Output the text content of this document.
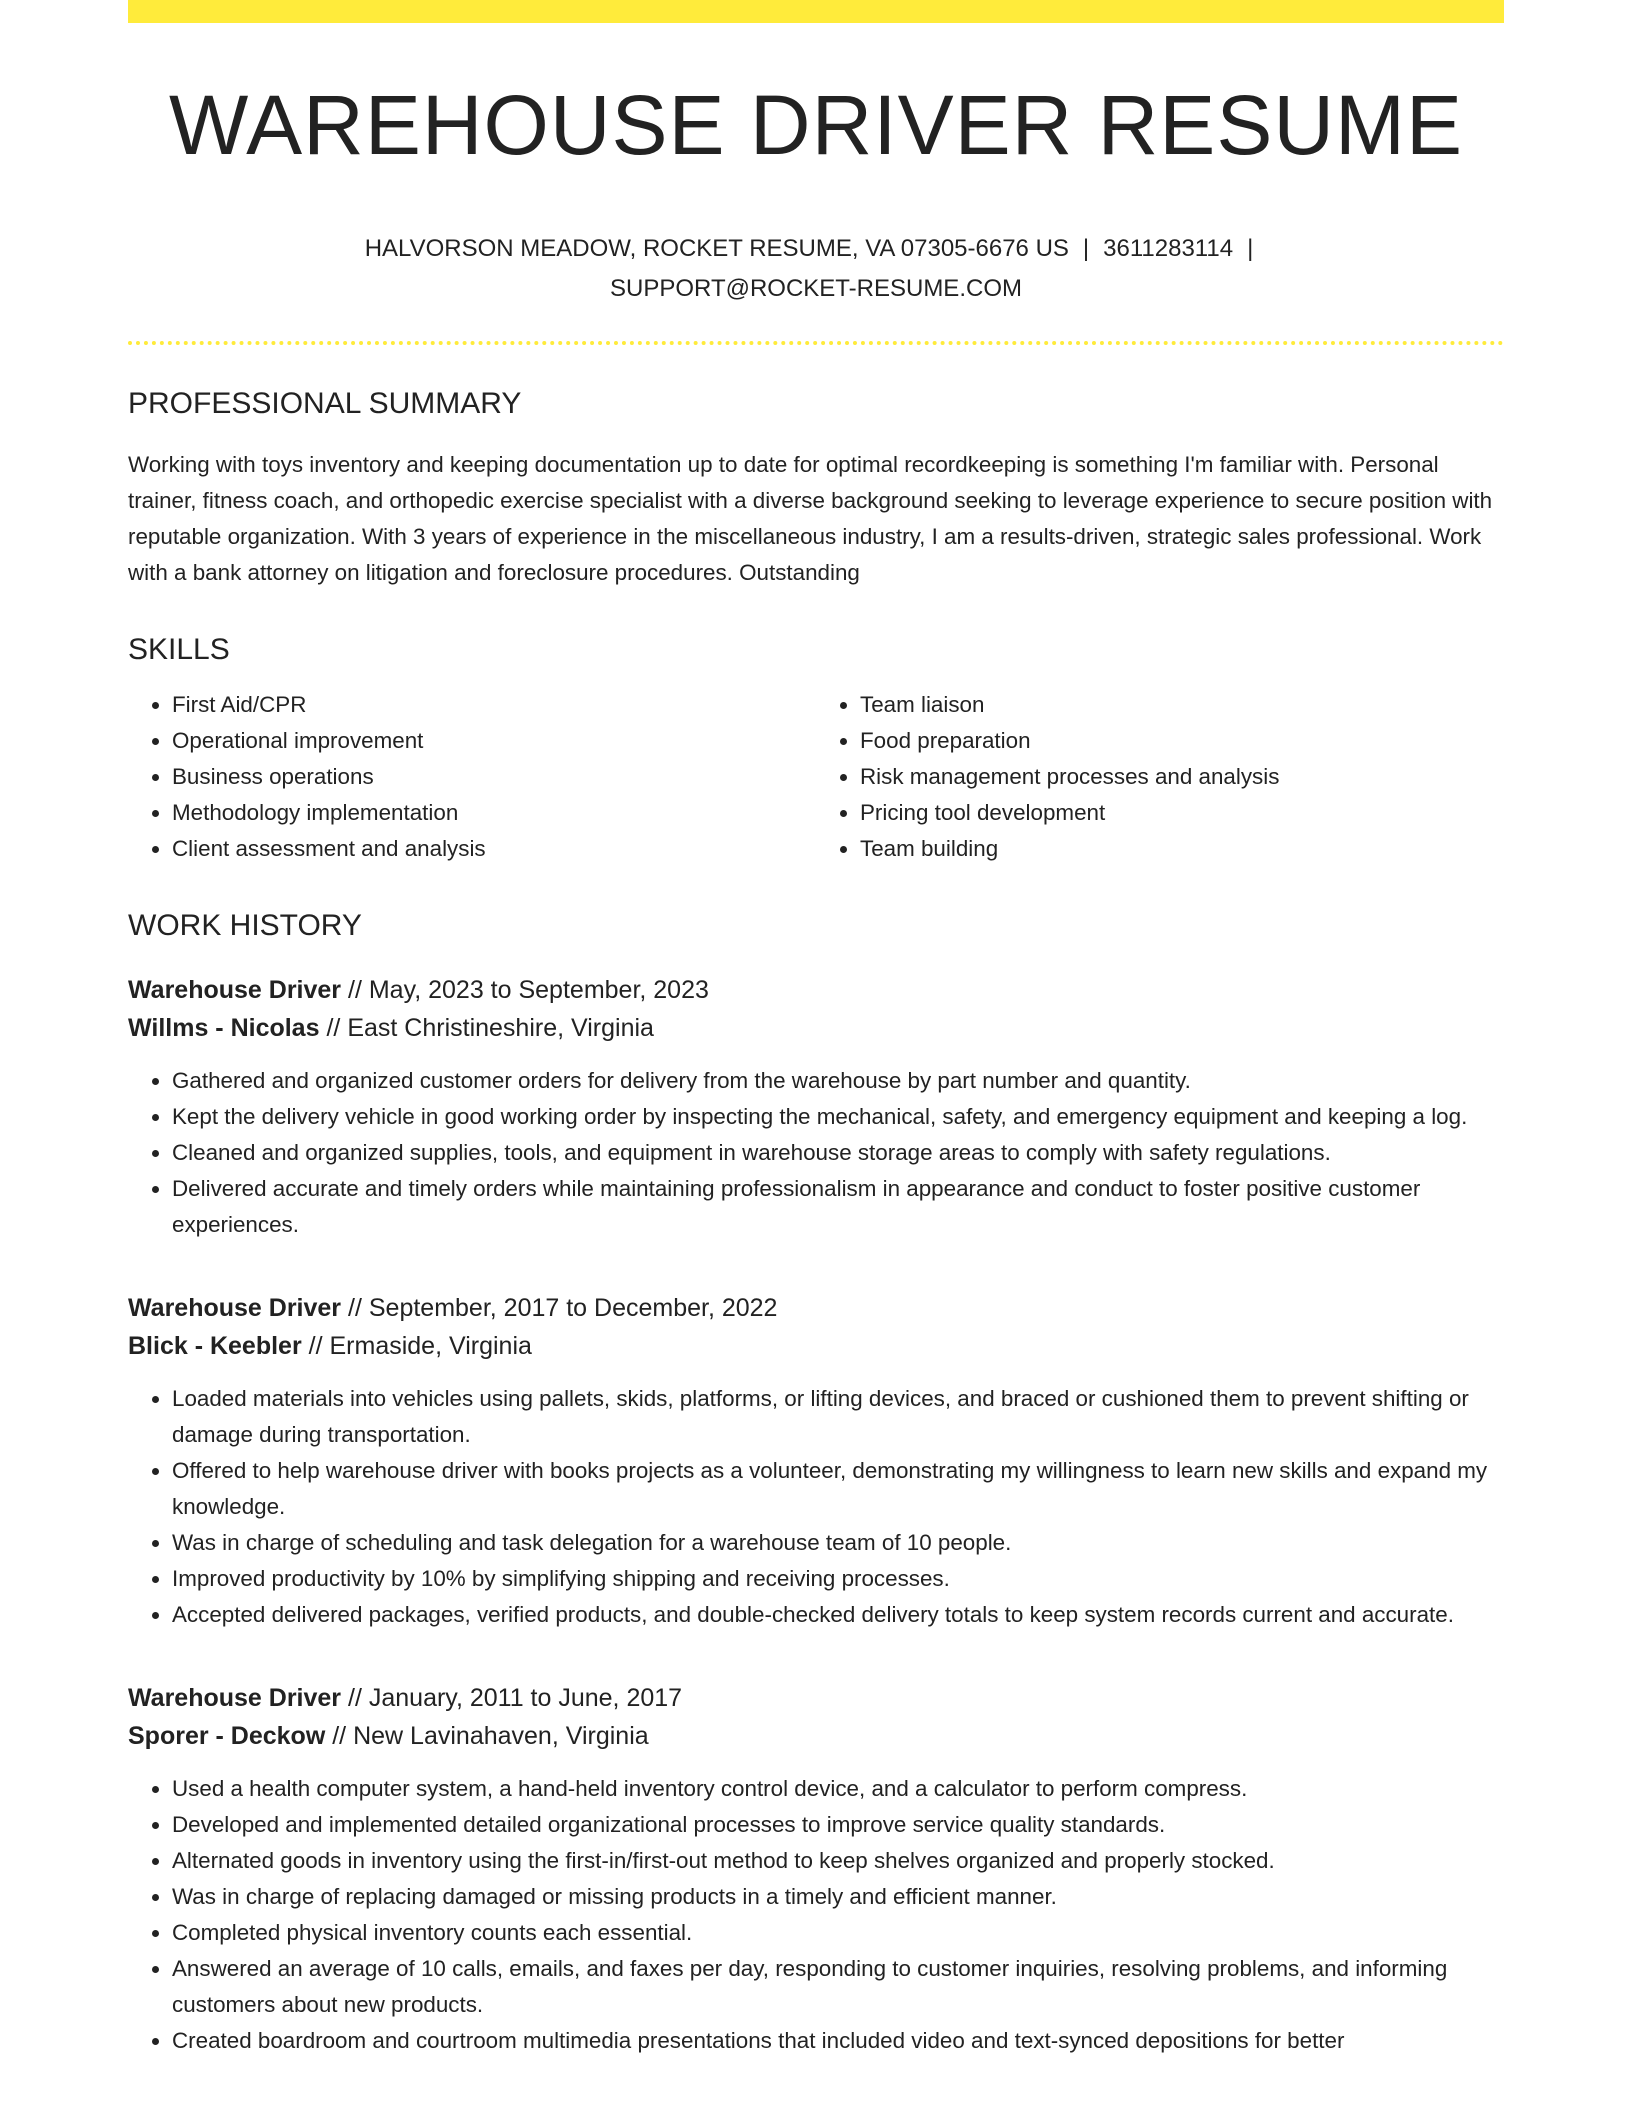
WAREHOUSE DRIVER RESUME
HALVORSON MEADOW, ROCKET RESUME, VA 07305-6676 US | 3611283114 |
SUPPORT@ROCKET-RESUME.COM
PROFESSIONAL SUMMARY
Working with toys inventory and keeping documentation up to date for optimal recordkeeping is something I'm familiar with. Personal trainer, fitness coach, and orthopedic exercise specialist with a diverse background seeking to leverage experience to secure position with reputable organization. With 3 years of experience in the miscellaneous industry, I am a results-driven, strategic sales professional. Work with a bank attorney on litigation and foreclosure procedures. Outstanding
SKILLS
• First Aid/CPR
• Operational improvement
• Business operations
• Methodology implementation
• Client assessment and analysis
• Team liaison
• Food preparation
• Risk management processes and analysis
• Pricing tool development
• Team building
WORK HISTORY
Warehouse Driver // May, 2023 to September, 2023
Willms - Nicolas // East Christineshire, Virginia
• Gathered and organized customer orders for delivery from the warehouse by part number and quantity.
• Kept the delivery vehicle in good working order by inspecting the mechanical, safety, and emergency equipment and keeping a log.
• Cleaned and organized supplies, tools, and equipment in warehouse storage areas to comply with safety regulations.
• Delivered accurate and timely orders while maintaining professionalism in appearance and conduct to foster positive customer experiences.
Warehouse Driver // September, 2017 to December, 2022
Blick - Keebler // Ermaside, Virginia
• Loaded materials into vehicles using pallets, skids, platforms, or lifting devices, and braced or cushioned them to prevent shifting or damage during transportation.
• Offered to help warehouse driver with books projects as a volunteer, demonstrating my willingness to learn new skills and expand my knowledge.
• Was in charge of scheduling and task delegation for a warehouse team of 10 people.
• Improved productivity by 10% by simplifying shipping and receiving processes.
• Accepted delivered packages, verified products, and double-checked delivery totals to keep system records current and accurate.
Warehouse Driver // January, 2011 to June, 2017
Sporer - Deckow // New Lavinahaven, Virginia
• Used a health computer system, a hand-held inventory control device, and a calculator to perform compress.
• Developed and implemented detailed organizational processes to improve service quality standards.
• Alternated goods in inventory using the first-in/first-out method to keep shelves organized and properly stocked.
• Was in charge of replacing damaged or missing products in a timely and efficient manner.
• Completed physical inventory counts each essential.
• Answered an average of 10 calls, emails, and faxes per day, responding to customer inquiries, resolving problems, and informing customers about new products.
• Created boardroom and courtroom multimedia presentations that included video and text-synced depositions for better
